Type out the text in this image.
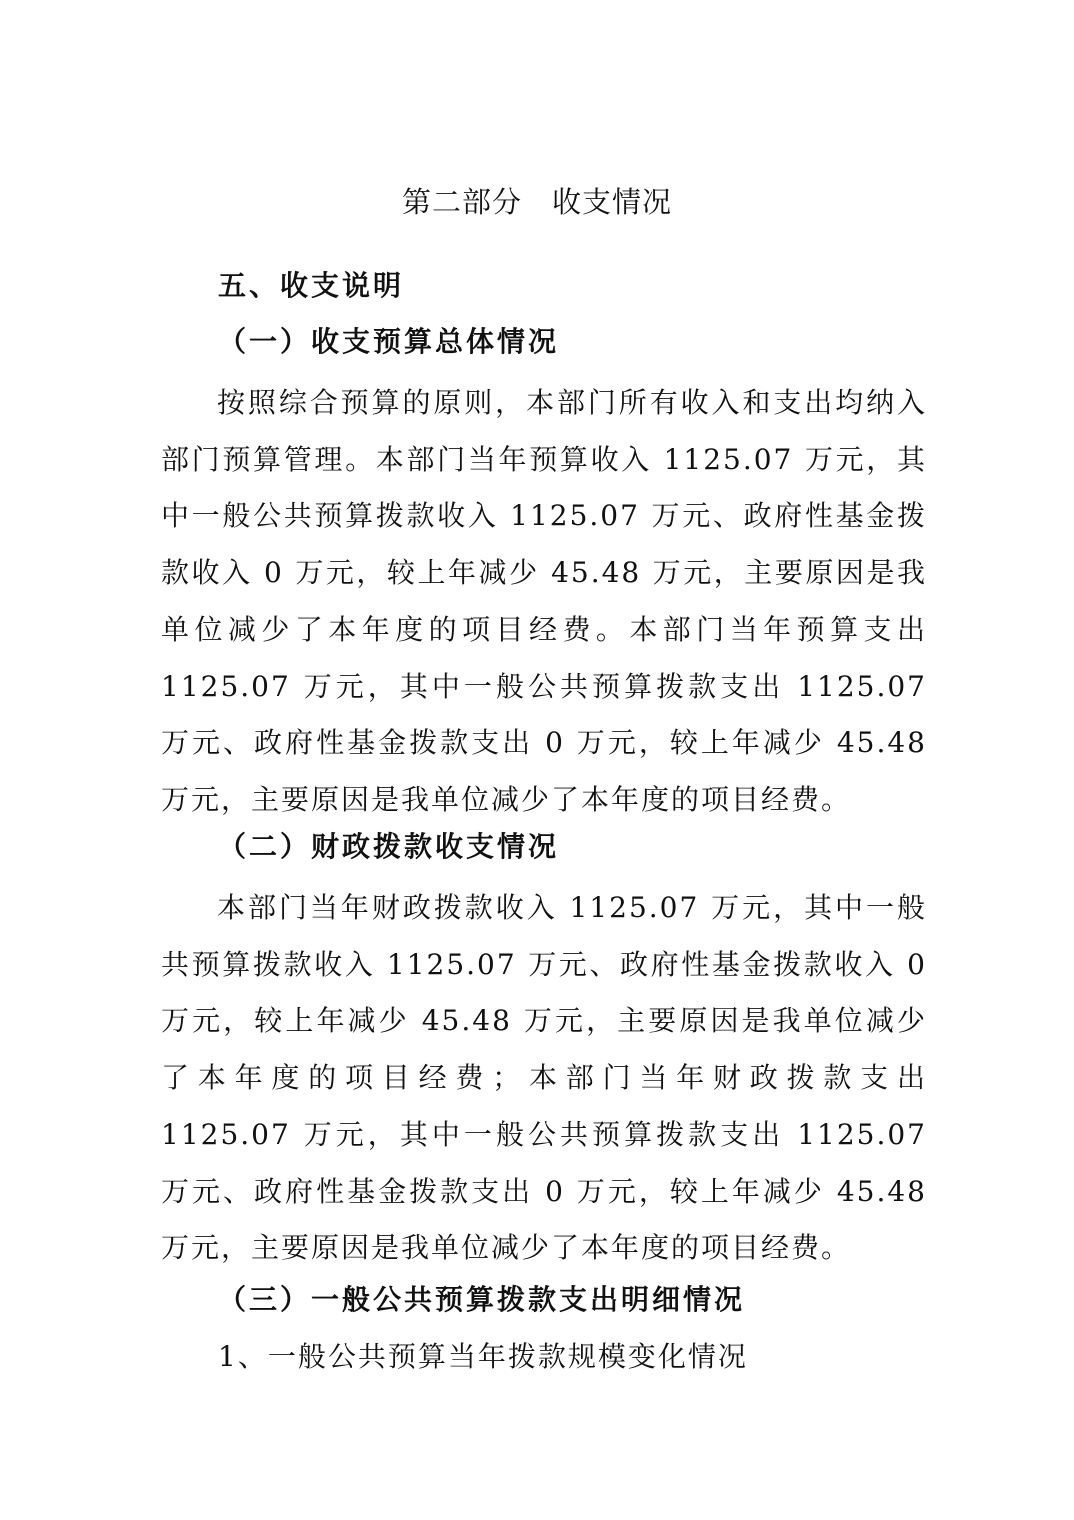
第二部分　收支情况
五、收支说明
（一）收支预算总体情况

按照综合预算的原则，本部门所有收入和支出均纳入部门预算管理。本部门当年预算收入 1125.07 万元，其中一般公共预算拨款收入 1125.07 万元、政府性基金拨款收入 0 万元，较上年减少 45.48 万元，主要原因是我单位减少了本年度的项目经费。本部门当年预算支出 1125.07 万元，其中一般公共预算拨款支出 1125.07 万元、政府性基金拨款支出 0 万元，较上年减少 45.48 万元，主要原因是我单位减少了本年度的项目经费。

（二）财政拨款收支情况

本部门当年财政拨款收入 1125.07 万元，其中一般共预算拨款收入 1125.07 万元、政府性基金拨款收入 0 万元，较上年减少 45.48 万元，主要原因是我单位减少了本年度的项目经费；本部门当年财政拨款支出 1125.07 万元，其中一般公共预算拨款支出 1125.07 万元、政府性基金拨款支出 0 万元，较上年减少 45.48 万元，主要原因是我单位减少了本年度的项目经费。

（三）一般公共预算拨款支出明细情况

1、一般公共预算当年拨款规模变化情况
